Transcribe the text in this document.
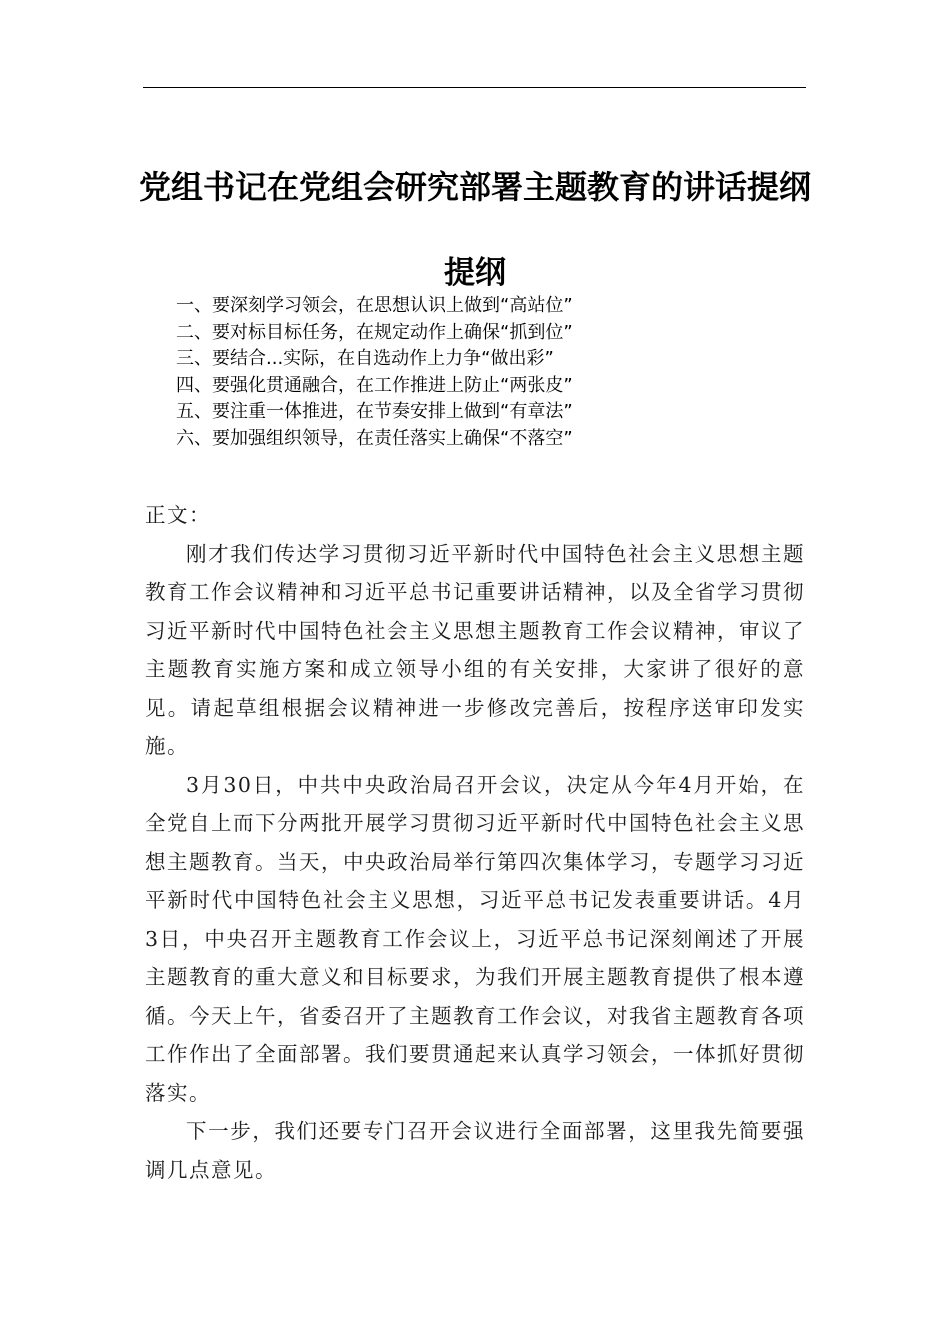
党组书记在党组会研究部署主题教育的讲话提纲
提纲
一、要深刻学习领会，在思想认识上做到“高站位”
二、要对标目标任务，在规定动作上确保“抓到位”
三、要结合...实际，在自选动作上力争“做出彩”
四、要强化贯通融合，在工作推进上防止“两张皮”
五、要注重一体推进，在节奏安排上做到“有章法”
六、要加强组织领导，在责任落实上确保“不落空”

正文：

刚才我们传达学习贯彻习近平新时代中国特色社会主义思想主题教育工作会议精神和习近平总书记重要讲话精神，以及全省学习贯彻习近平新时代中国特色社会主义思想主题教育工作会议精神，审议了主题教育实施方案和成立领导小组的有关安排，大家讲了很好的意见。请起草组根据会议精神进一步修改完善后，按程序送审印发实施。

3月30日，中共中央政治局召开会议，决定从今年4月开始，在全党自上而下分两批开展学习贯彻习近平新时代中国特色社会主义思想主题教育。当天，中央政治局举行第四次集体学习，专题学习习近平新时代中国特色社会主义思想，习近平总书记发表重要讲话。4月3日，中央召开主题教育工作会议上，习近平总书记深刻阐述了开展主题教育的重大意义和目标要求，为我们开展主题教育提供了根本遵循。今天上午，省委召开了主题教育工作会议，对我省主题教育各项工作作出了全面部署。我们要贯通起来认真学习领会，一体抓好贯彻落实。

下一步，我们还要专门召开会议进行全面部署，这里我先简要强调几点意见。
